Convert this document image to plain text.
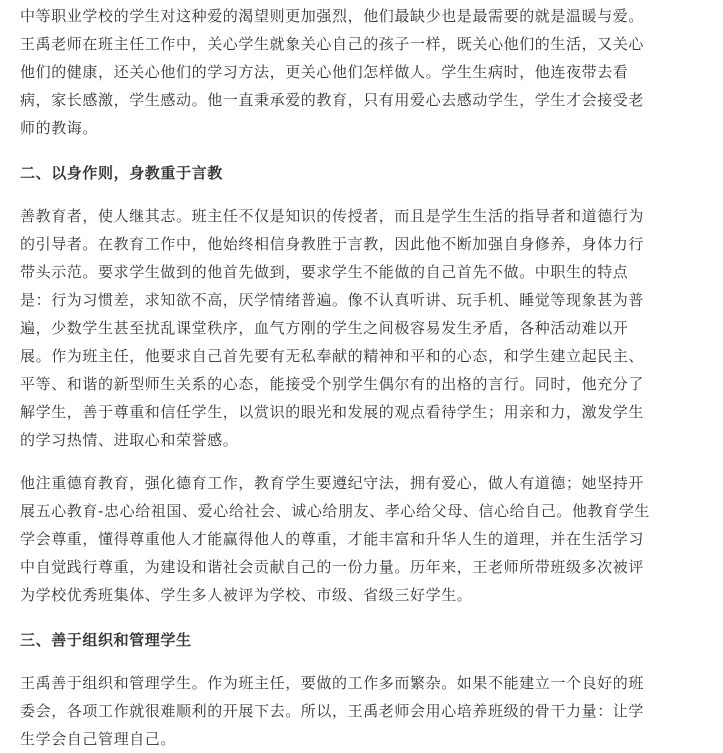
中等职业学校的学生对这种爱的渴望则更加强烈，他们最缺少也是最需要的就是温暖与爱。
王禹老师在班主任工作中，关心学生就象关心自己的孩子一样，既关心他们的生活，又关心
他们的健康，还关心他们的学习方法，更关心他们怎样做人。学生生病时，他连夜带去看
病，家长感激，学生感动。他一直秉承爱的教育，只有用爱心去感动学生，学生才会接受老
师的教诲。

二、以身作则，身教重于言教

善教育者，使人继其志。班主任不仅是知识的传授者，而且是学生生活的指导者和道德行为
的引导者。在教育工作中，他始终相信身教胜于言教，因此他不断加强自身修养，身体力行
带头示范。要求学生做到的他首先做到，要求学生不能做的自己首先不做。中职生的特点
是：行为习惯差，求知欲不高，厌学情绪普遍。像不认真听讲、玩手机、睡觉等现象甚为普
遍，少数学生甚至扰乱课堂秩序，血气方刚的学生之间极容易发生矛盾，各种活动难以开
展。作为班主任，他要求自己首先要有无私奉献的精神和平和的心态，和学生建立起民主、
平等、和谐的新型师生关系的心态，能接受个别学生偶尔有的出格的言行。同时，他充分了
解学生，善于尊重和信任学生，以赏识的眼光和发展的观点看待学生；用亲和力，激发学生
的学习热情、进取心和荣誉感。

他注重德育教育，强化德育工作，教育学生要遵纪守法，拥有爱心，做人有道德；她坚持开
展五心教育-忠心给祖国、爱心给社会、诚心给朋友、孝心给父母、信心给自己。他教育学生
学会尊重，懂得尊重他人才能赢得他人的尊重，才能丰富和升华人生的道理，并在生活学习
中自觉践行尊重，为建设和谐社会贡献自己的一份力量。历年来，王老师所带班级多次被评
为学校优秀班集体、学生多人被评为学校、市级、省级三好学生。

三、善于组织和管理学生

王禹善于组织和管理学生。作为班主任，要做的工作多而繁杂。如果不能建立一个良好的班
委会，各项工作就很难顺利的开展下去。所以，王禹老师会用心培养班级的骨干力量：让学
生学会自己管理自己。
